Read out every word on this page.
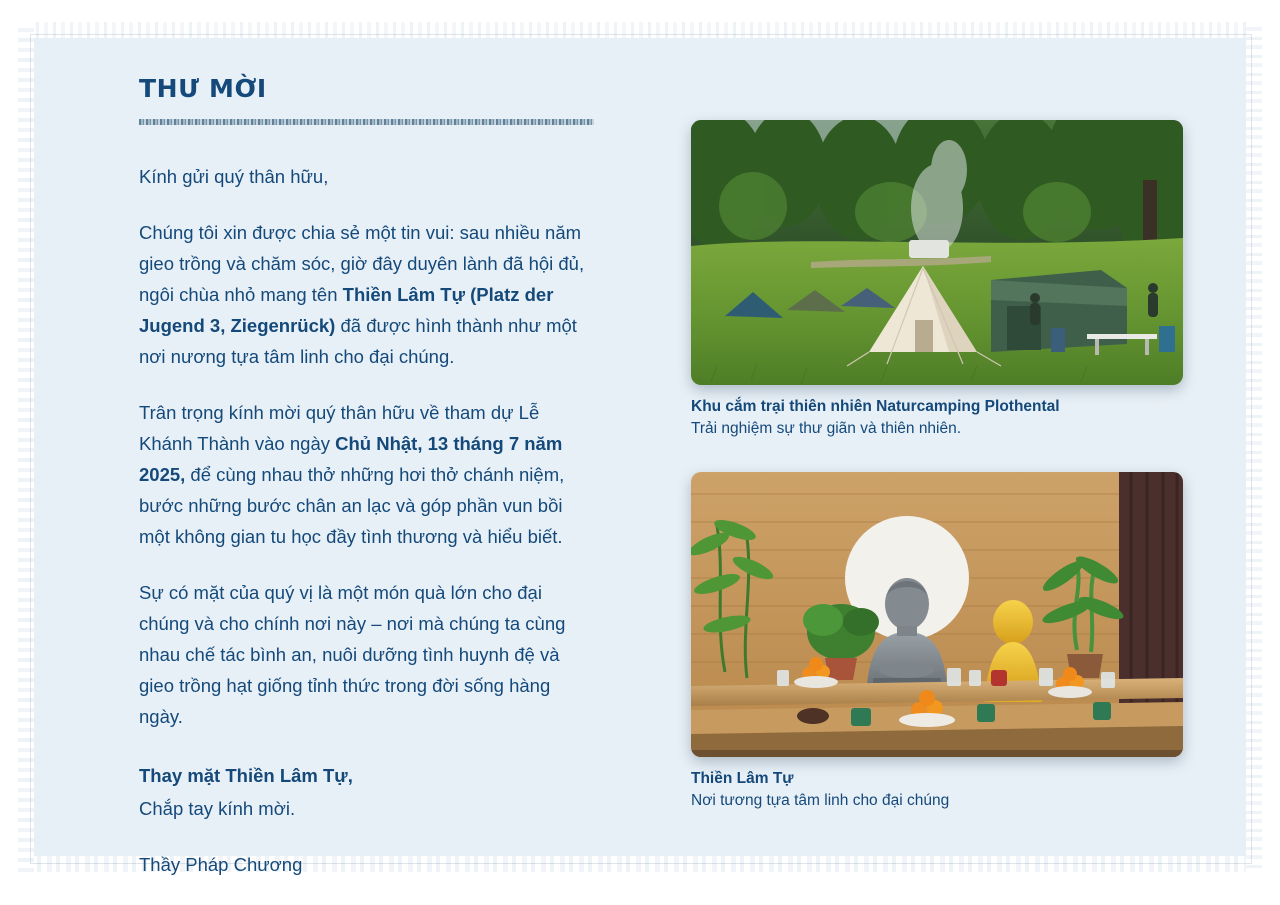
THƯ MỜI

Kính gửi quý thân hữu,

Chúng tôi xin được chia sẻ một tin vui: sau nhiều năm gieo trồng và chăm sóc, giờ đây duyên lành đã hội đủ, ngôi chùa nhỏ mang tên Thiền Lâm Tự (Platz der Jugend 3, Ziegenrück) đã được hình thành như một nơi nương tựa tâm linh cho đại chúng.

Trân trọng kính mời quý thân hữu về tham dự Lễ Khánh Thành vào ngày Chủ Nhật, 13 tháng 7 năm 2025, để cùng nhau thở những hơi thở chánh niệm, bước những bước chân an lạc và góp phần vun bồi một không gian tu học đầy tình thương và hiểu biết.

Sự có mặt của quý vị là một món quà lớn cho đại chúng và cho chính nơi này – nơi mà chúng ta cùng nhau chế tác bình an, nuôi dưỡng tình huynh đệ và gieo trồng hạt giống tỉnh thức trong đời sống hàng ngày.

Thay mặt Thiền Lâm Tự,

Chắp tay kính mời.

Thầy Pháp Chương

Khu cắm trại thiên nhiên Naturcamping Plothental

Trải nghiệm sự thư giãn và thiên nhiên.

Thiền Lâm Tự

Nơi tương tựa tâm linh cho đại chúng
